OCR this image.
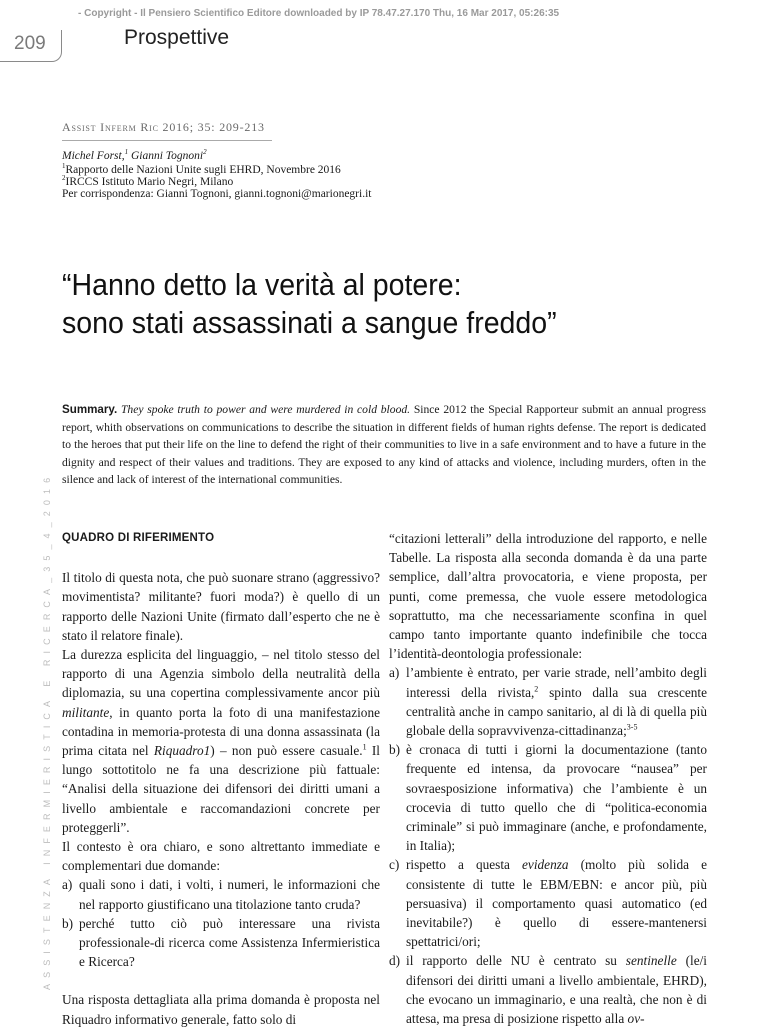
- Copyright - Il Pensiero Scientifico Editore downloaded by IP 78.47.27.170 Thu, 16 Mar 2017, 05:26:35
209	Prospettive
Assist Inferm Ric 2016; 35: 209-213
Michel Forst,$^1$ Gianni Tognoni$^2$
$^1$Rapporto delle Nazioni Unite sugli EHRD, Novembre 2016
$^2$IRCCS Istituto Mario Negri, Milano
Per corrispondenza: Gianni Tognoni, gianni.tognoni@marionegri.it
“Hanno detto la verità al potere:
sono stati assassinati a sangue freddo”
Summary. They spoke truth to power and were murdered in cold blood. Since 2012 the Special Rapporteur submit an annual progress report, whith observations on communications to describe the situation in different fields of human rights defense. The report is dedicated to the heroes that put their life on the line to defend the right of their communities to live in a safe environment and to have a future in the dignity and respect of their values and traditions. They are exposed to any kind of attacks and violence, including murders, often in the silence and lack of interest of the international communities.
ASSISTENZA INFERMIERISTICA E RICERCA_35_4_2016 QUADRO DI RIFERIMENTO

Il titolo di questa nota, che può suonare strano (aggressivo? movimentista? militante? fuori moda?) è quello di un rapporto delle Nazioni Unite (firmato dall’esperto che ne è stato il relatore finale).

La durezza esplicita del linguaggio, – nel titolo stesso del rapporto di una Agenzia simbolo della neutralità della diplomazia, su una copertina complessivamente ancor più militante, in quanto porta la foto di una manifestazione contadina in memoria-protesta di una donna assassinata (la prima citata nel Riquadro1) – non può essere casuale.$^1$ Il lungo sottotitolo ne fa una descrizione più fattuale: “Analisi della situazione dei difensori dei diritti umani a livello ambientale e raccomandazioni concrete per proteggerli”.

Il contesto è ora chiaro, e sono altrettanto immediate e complementari due domande:

a) quali sono i dati, i volti, i numeri, le informazioni che nel rapporto giustificano una titolazione tanto cruda?
b) perché tutto ciò può interessare una rivista professionale-di ricerca come Assistenza Infermieristica e Ricerca?

Una risposta dettagliata alla prima domanda è proposta nel Riquadro informativo generale, fatto solo di

“citazioni letterali” della introduzione del rapporto, e nelle Tabelle. La risposta alla seconda domanda è da una parte semplice, dall’altra provocatoria, e viene proposta, per punti, come premessa, che vuole essere metodologica soprattutto, ma che necessariamente sconfina in quel campo tanto importante quanto indefinibile che tocca l’identità-deontologia professionale:

a) l’ambiente è entrato, per varie strade, nell’ambito degli interessi della rivista,$^2$ spinto dalla sua crescente centralità anche in campo sanitario, al di là di quella più globale della sopravvivenza-cittadinanza;$^{3-5}$
b) è cronaca di tutti i giorni la documentazione (tanto frequente ed intensa, da provocare “nausea” per sovraesposizione informativa) che l’ambiente è un crocevia di tutto quello che di “politica-economia criminale” si può immaginare (anche, e profondamente, in Italia);
c) rispetto a questa evidenza (molto più solida e consistente di tutte le EBM/EBN: e ancor più, più persuasiva) il comportamento quasi automatico (ed inevitabile?) è quello di essere-mantenersi spettatrici/ori;
d) il rapporto delle NU è centrato su sentinelle (le/i difensori dei diritti umani a livello ambientale, EHRD), che evocano un immaginario, e una realtà, che non è di attesa, ma presa di posizione rispetto alla ov-
